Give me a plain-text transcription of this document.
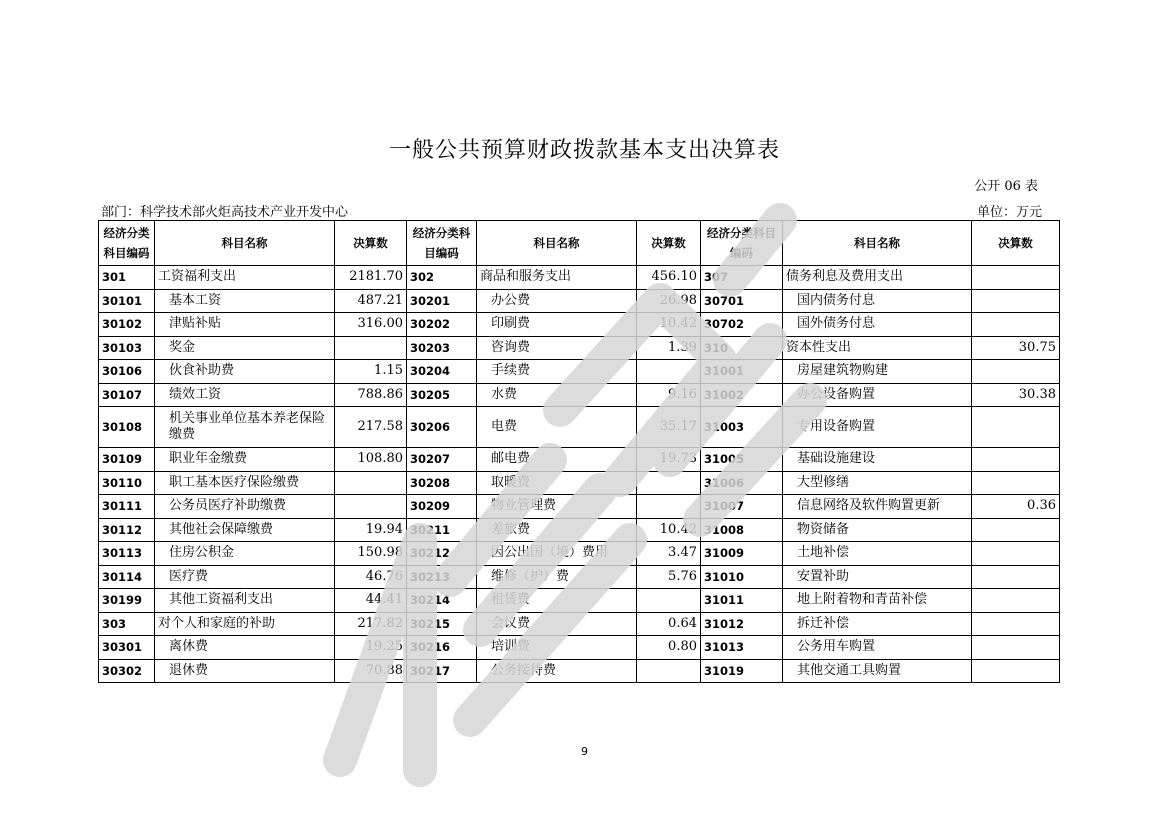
一般公共预算财政拨款基本支出决算表
公开 06 表
部门：科学技术部火炬高技术产业开发中心	单位：万元
经济分类科目编码	科目名称	决算数	经济分类科目编码	科目名称	决算数	经济分类科目编码	科目名称	决算数
301	工资福利支出	2181.70	302	商品和服务支出	456.10	307	债务利息及费用支出	
30101	基本工资	487.21	30201	办公费	26.98	30701	国内债务付息	
30102	津贴补贴	316.00	30202	印刷费	10.42	30702	国外债务付息	
30103	奖金		30203	咨询费	1.39	310	资本性支出	30.75
30106	伙食补助费	1.15	30204	手续费		31001	房屋建筑物购建	
30107	绩效工资	788.86	30205	水费	9.16	31002	办公设备购置	30.38
30108	机关事业单位基本养老保险缴费	217.58	30206	电费	35.17	31003	专用设备购置	
30109	职业年金缴费	108.80	30207	邮电费	19.73	31005	基础设施建设	
30110	职工基本医疗保险缴费		30208	取暖费		31006	大型修缮	
30111	公务员医疗补助缴费		30209	物业管理费		31007	信息网络及软件购置更新	0.36
30112	其他社会保障缴费	19.94	30211	差旅费	10.42	31008	物资储备	
30113	住房公积金	150.98	30212	因公出国（境）费用	3.47	31009	土地补偿	
30114	医疗费	46.76	30213	维修（护）费	5.76	31010	安置补助	
30199	其他工资福利支出	44.41	30214	租赁费		31011	地上附着物和青苗补偿	
303	对个人和家庭的补助	217.82	30215	会议费	0.64	31012	拆迁补偿	
30301	离休费	19.25	30216	培训费	0.80	31013	公务用车购置	
30302	退休费	70.88	30217	公务接待费		31019	其他交通工具购置	
9
